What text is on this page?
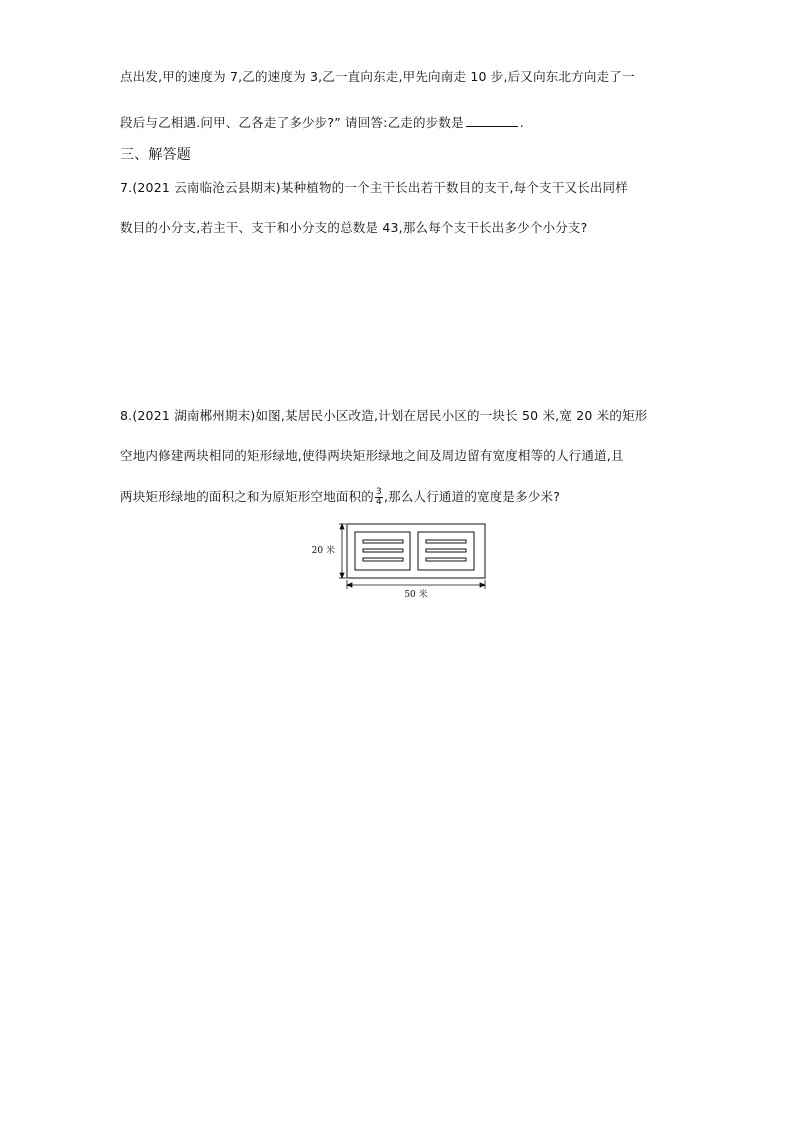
点出发,甲的速度为 7,乙的速度为 3,乙一直向东走,甲先向南走 10 步,后又向东北方向走了一
段后与乙相遇.问甲、乙各走了多少步?” 请回答:乙走的步数是	.
三、解答题
7.(2021 云南临沧云县期末)某种植物的一个主干长出若干数目的支干,每个支干又长出同样
数目的小分支,若主干、支干和小分支的总数是 43,那么每个支干长出多少个小分支?
8.(2021 湖南郴州期末)如图,某居民小区改造,计划在居民小区的一块长 50 米,宽 20 米的矩形
空地内修建两块相同的矩形绿地,使得两块矩形绿地之间及周边留有宽度相等的人行通道,且
两块矩形绿地的面积之和为原矩形空地面积的 $\frac{3}{4}$ ,那么人行通道的宽度是多少米?
20 米
50 米
